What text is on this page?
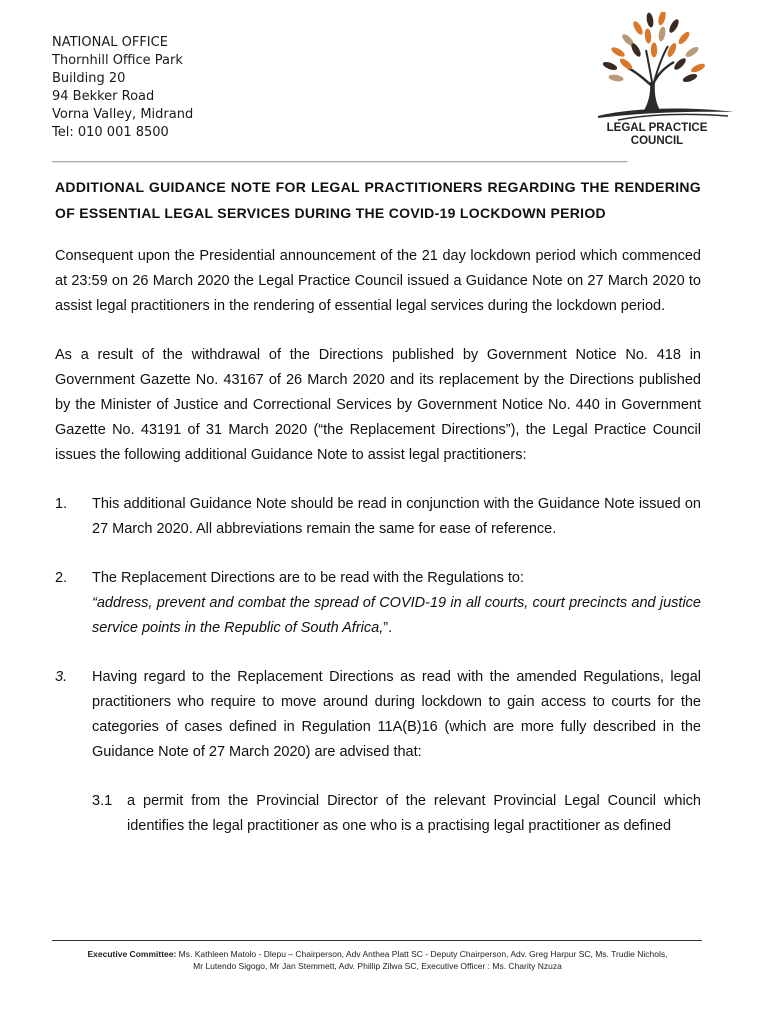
NATIONAL OFFICE
Thornhill Office Park
Building 20
94 Bekker Road
Vorna Valley, Midrand
Tel: 010 001 8500	LEGAL PRACTICE
COUNCIL
______________________________________________________________________________________________
ADDITIONAL GUIDANCE NOTE FOR LEGAL PRACTITIONERS REGARDING THE RENDERING OF ESSENTIAL LEGAL SERVICES DURING THE COVID-19 LOCKDOWN PERIOD

Consequent upon the Presidential announcement of the 21 day lockdown period which commenced at 23:59 on 26 March 2020 the Legal Practice Council issued a Guidance Note on 27 March 2020 to assist legal practitioners in the rendering of essential legal services during the lockdown period.

As a result of the withdrawal of the Directions published by Government Notice No. 418 in Government Gazette No. 43167 of 26 March 2020 and its replacement by the Directions published by the Minister of Justice and Correctional Services by Government Notice No. 440 in Government Gazette No. 43191 of 31 March 2020 (“the Replacement Directions”), the Legal Practice Council issues the following additional Guidance Note to assist legal practitioners:

1.	This additional Guidance Note should be read in conjunction with the Guidance Note issued on 27 March 2020. All abbreviations remain the same for ease of reference.
2.	The Replacement Directions are to be read with the Regulations to:
“address, prevent and combat the spread of COVID-19 in all courts, court precincts and justice service points in the Republic of South Africa,”.
3.	Having regard to the Replacement Directions as read with the amended Regulations, legal practitioners who require to move around during lockdown to gain access to courts for the categories of cases defined in Regulation 11A(B)16 (which are more fully described in the Guidance Note of 27 March 2020) are advised that:
3.1	a permit from the Provincial Director of the relevant Provincial Legal Council which identifies the legal practitioner as one who is a practising legal practitioner as defined
Executive Committee: Ms. Kathleen Matolo - Dlepu – Chairperson, Adv Anthea Platt SC - Deputy Chairperson, Adv. Greg Harpur SC, Ms. Trudie Nichols,
Mr Lutendo Sigogo, Mr Jan Stemmett, Adv. Phillip Zilwa SC, Executive Officer : Ms. Charity Nzuza
